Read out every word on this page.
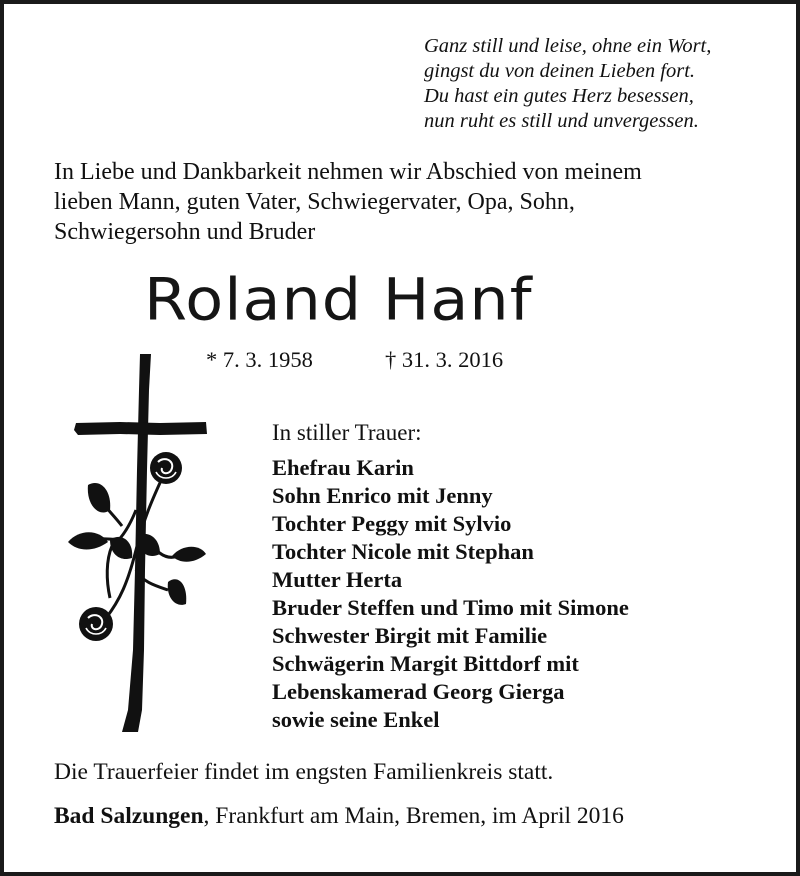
Ganz still und leise, ohne ein Wort,
gingst du von deinen Lieben fort.
Du hast ein gutes Herz besessen,
nun ruht es still und unvergessen.
In Liebe und Dankbarkeit nehmen wir Abschied von meinem
lieben Mann, guten Vater, Schwiegervater, Opa, Sohn,
Schwiegersohn und Bruder
Roland Hanf
* 7. 3. 1958	† 31. 3. 2016
In stiller Trauer:
Ehefrau Karin
Sohn Enrico mit Jenny
Tochter Peggy mit Sylvio
Tochter Nicole mit Stephan
Mutter Herta
Bruder Steffen und Timo mit Simone
Schwester Birgit mit Familie
Schwägerin Margit Bittdorf mit
Lebenskamerad Georg Gierga
sowie seine Enkel
Die Trauerfeier findet im engsten Familienkreis statt.
Bad Salzungen, Frankfurt am Main, Bremen, im April 2016
